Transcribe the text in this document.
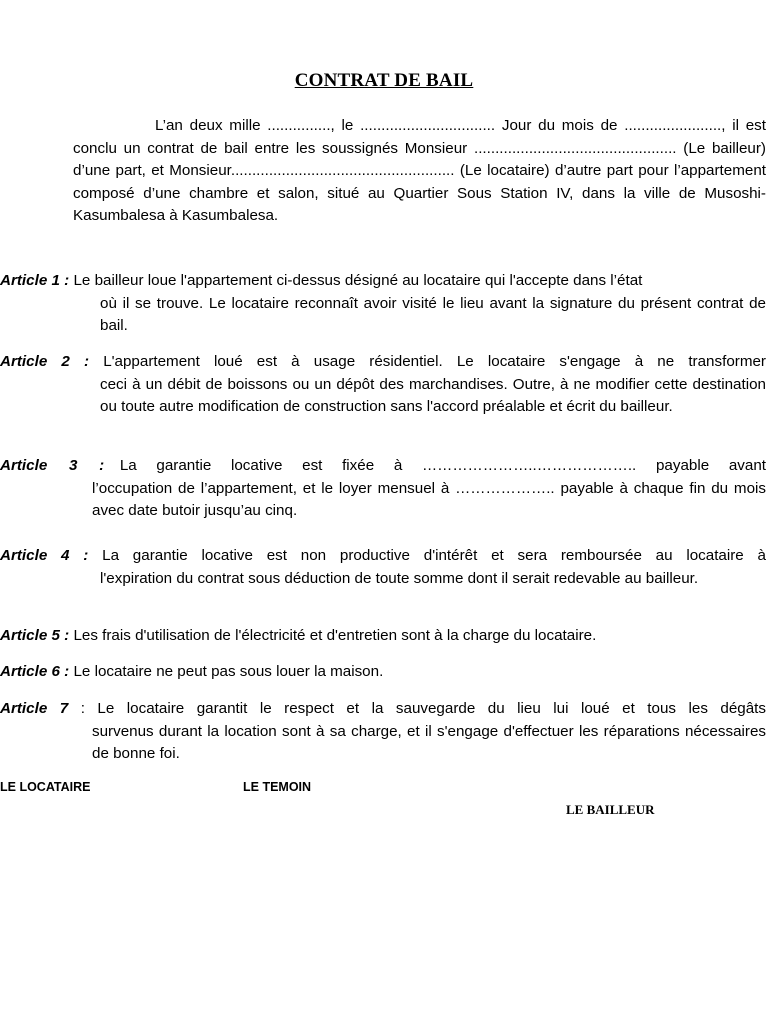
CONTRAT DE BAIL
L’an deux mille ..............., le ................................ Jour du mois de ......................., il est conclu un contrat de bail entre les soussignés Monsieur ................................................ (Le bailleur) d’une part, et Monsieur..................................................... (Le locataire) d’autre part pour l’appartement composé d’une chambre et salon, situé au Quartier Sous Station IV, dans la ville de Musoshi-Kasumbalesa à Kasumbalesa.
Article 1 : Le bailleur loue l'appartement ci-dessus désigné au locataire qui l'accepte dans l’état
où il se trouve. Le locataire reconnaît avoir visité le lieu avant la signature du présent contrat de bail.
Article 2 : L'appartement loué est à usage résidentiel. Le locataire s'engage à ne transformer
ceci à un débit de boissons ou un dépôt des marchandises. Outre, à ne modifier cette destination ou toute autre modification de construction sans l'accord préalable et écrit du bailleur.
Article 3 : La garantie locative est fixée à …………………..……………….. payable avant
l’occupation de l’appartement, et le loyer mensuel à ……………….. payable à chaque fin du mois avec date butoir jusqu’au cinq.
Article 4 : La garantie locative est non productive d'intérêt et sera remboursée au locataire à
l'expiration du contrat sous déduction de toute somme dont il serait redevable au bailleur.
Article 5 : Les frais d'utilisation de l'électricité et d'entretien sont à la charge du locataire.
Article 6 : Le locataire ne peut pas sous louer la maison.
Article 7 : Le locataire garantit le respect et la sauvegarde du lieu lui loué et tous les dégâts
survenus durant la location sont à sa charge, et il s'engage d'effectuer les réparations nécessaires de bonne foi.
LE LOCATAIRE	LE TEMOIN
LE BAILLEUR
